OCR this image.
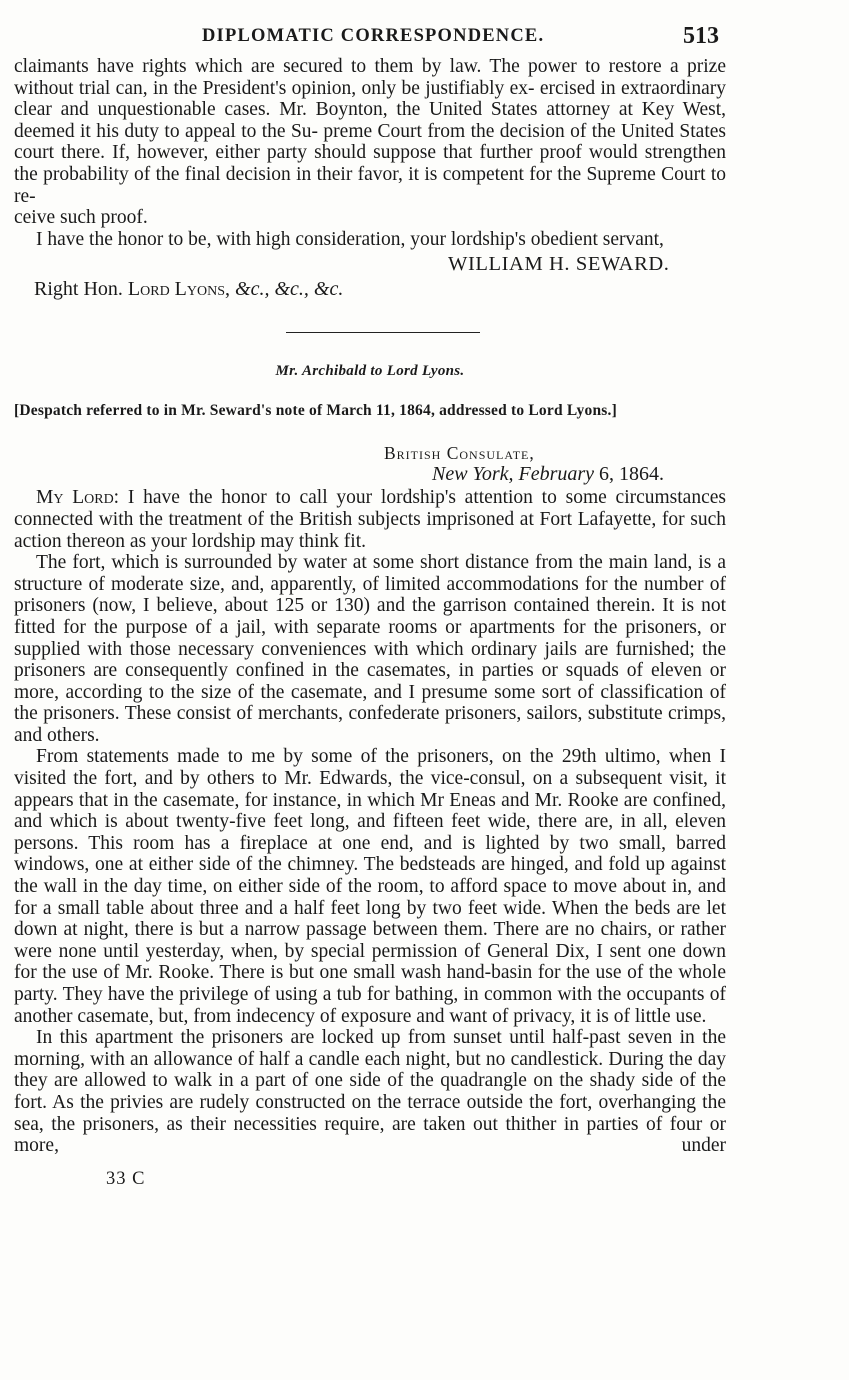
DIPLOMATIC CORRESPONDENCE.	513

claimants have rights which are secured to them by law. The power to restore a prize without trial can, in the President's opinion, only be justifiably ex- ercised in extraordinary clear and unquestionable cases. Mr. Boynton, the United States attorney at Key West, deemed it his duty to appeal to the Su- preme Court from the decision of the United States court there. If, however, either party should suppose that further proof would strengthen the probability of the final decision in their favor, it is competent for the Supreme Court to re-

ceive such proof.

I have the honor to be, with high consideration, your lordship's obedient servant,

WILLIAM H. SEWARD.
Right Hon. Lord Lyons, &c., &c., &c.
Mr. Archibald to Lord Lyons.
[Despatch referred to in Mr. Seward's note of March 11, 1864, addressed to Lord Lyons.]
British Consulate,
New York, February 6, 1864.

My Lord: I have the honor to call your lordship's attention to some circumstances connected with the treatment of the British subjects imprisoned at Fort Lafayette, for such action thereon as your lordship may think fit.

The fort, which is surrounded by water at some short distance from the main land, is a structure of moderate size, and, apparently, of limited accommodations for the number of prisoners (now, I believe, about 125 or 130) and the garrison contained therein. It is not fitted for the purpose of a jail, with separate rooms or apartments for the prisoners, or supplied with those necessary conveniences with which ordinary jails are furnished; the prisoners are consequently confined in the casemates, in parties or squads of eleven or more, according to the size of the casemate, and I presume some sort of classification of the prisoners. These consist of merchants, confederate prisoners, sailors, substitute crimps, and others.

From statements made to me by some of the prisoners, on the 29th ultimo, when I visited the fort, and by others to Mr. Edwards, the vice-consul, on a subsequent visit, it appears that in the casemate, for instance, in which Mr Eneas and Mr. Rooke are confined, and which is about twenty-five feet long, and fifteen feet wide, there are, in all, eleven persons. This room has a fireplace at one end, and is lighted by two small, barred windows, one at either side of the chimney. The bedsteads are hinged, and fold up against the wall in the day time, on either side of the room, to afford space to move about in, and for a small table about three and a half feet long by two feet wide. When the beds are let down at night, there is but a narrow passage between them. There are no chairs, or rather were none until yesterday, when, by special permission of General Dix, I sent one down for the use of Mr. Rooke. There is but one small wash hand-basin for the use of the whole party. They have the privilege of using a tub for bathing, in common with the occupants of another casemate, but, from indecency of exposure and want of privacy, it is of little use.

In this apartment the prisoners are locked up from sunset until half-past seven in the morning, with an allowance of half a candle each night, but no candlestick. During the day they are allowed to walk in a part of one side of the quadrangle on the shady side of the fort. As the privies are rudely constructed on the terrace outside the fort, overhanging the sea, the prisoners, as their necessities require, are taken out thither in parties of four or more, under

33 C
